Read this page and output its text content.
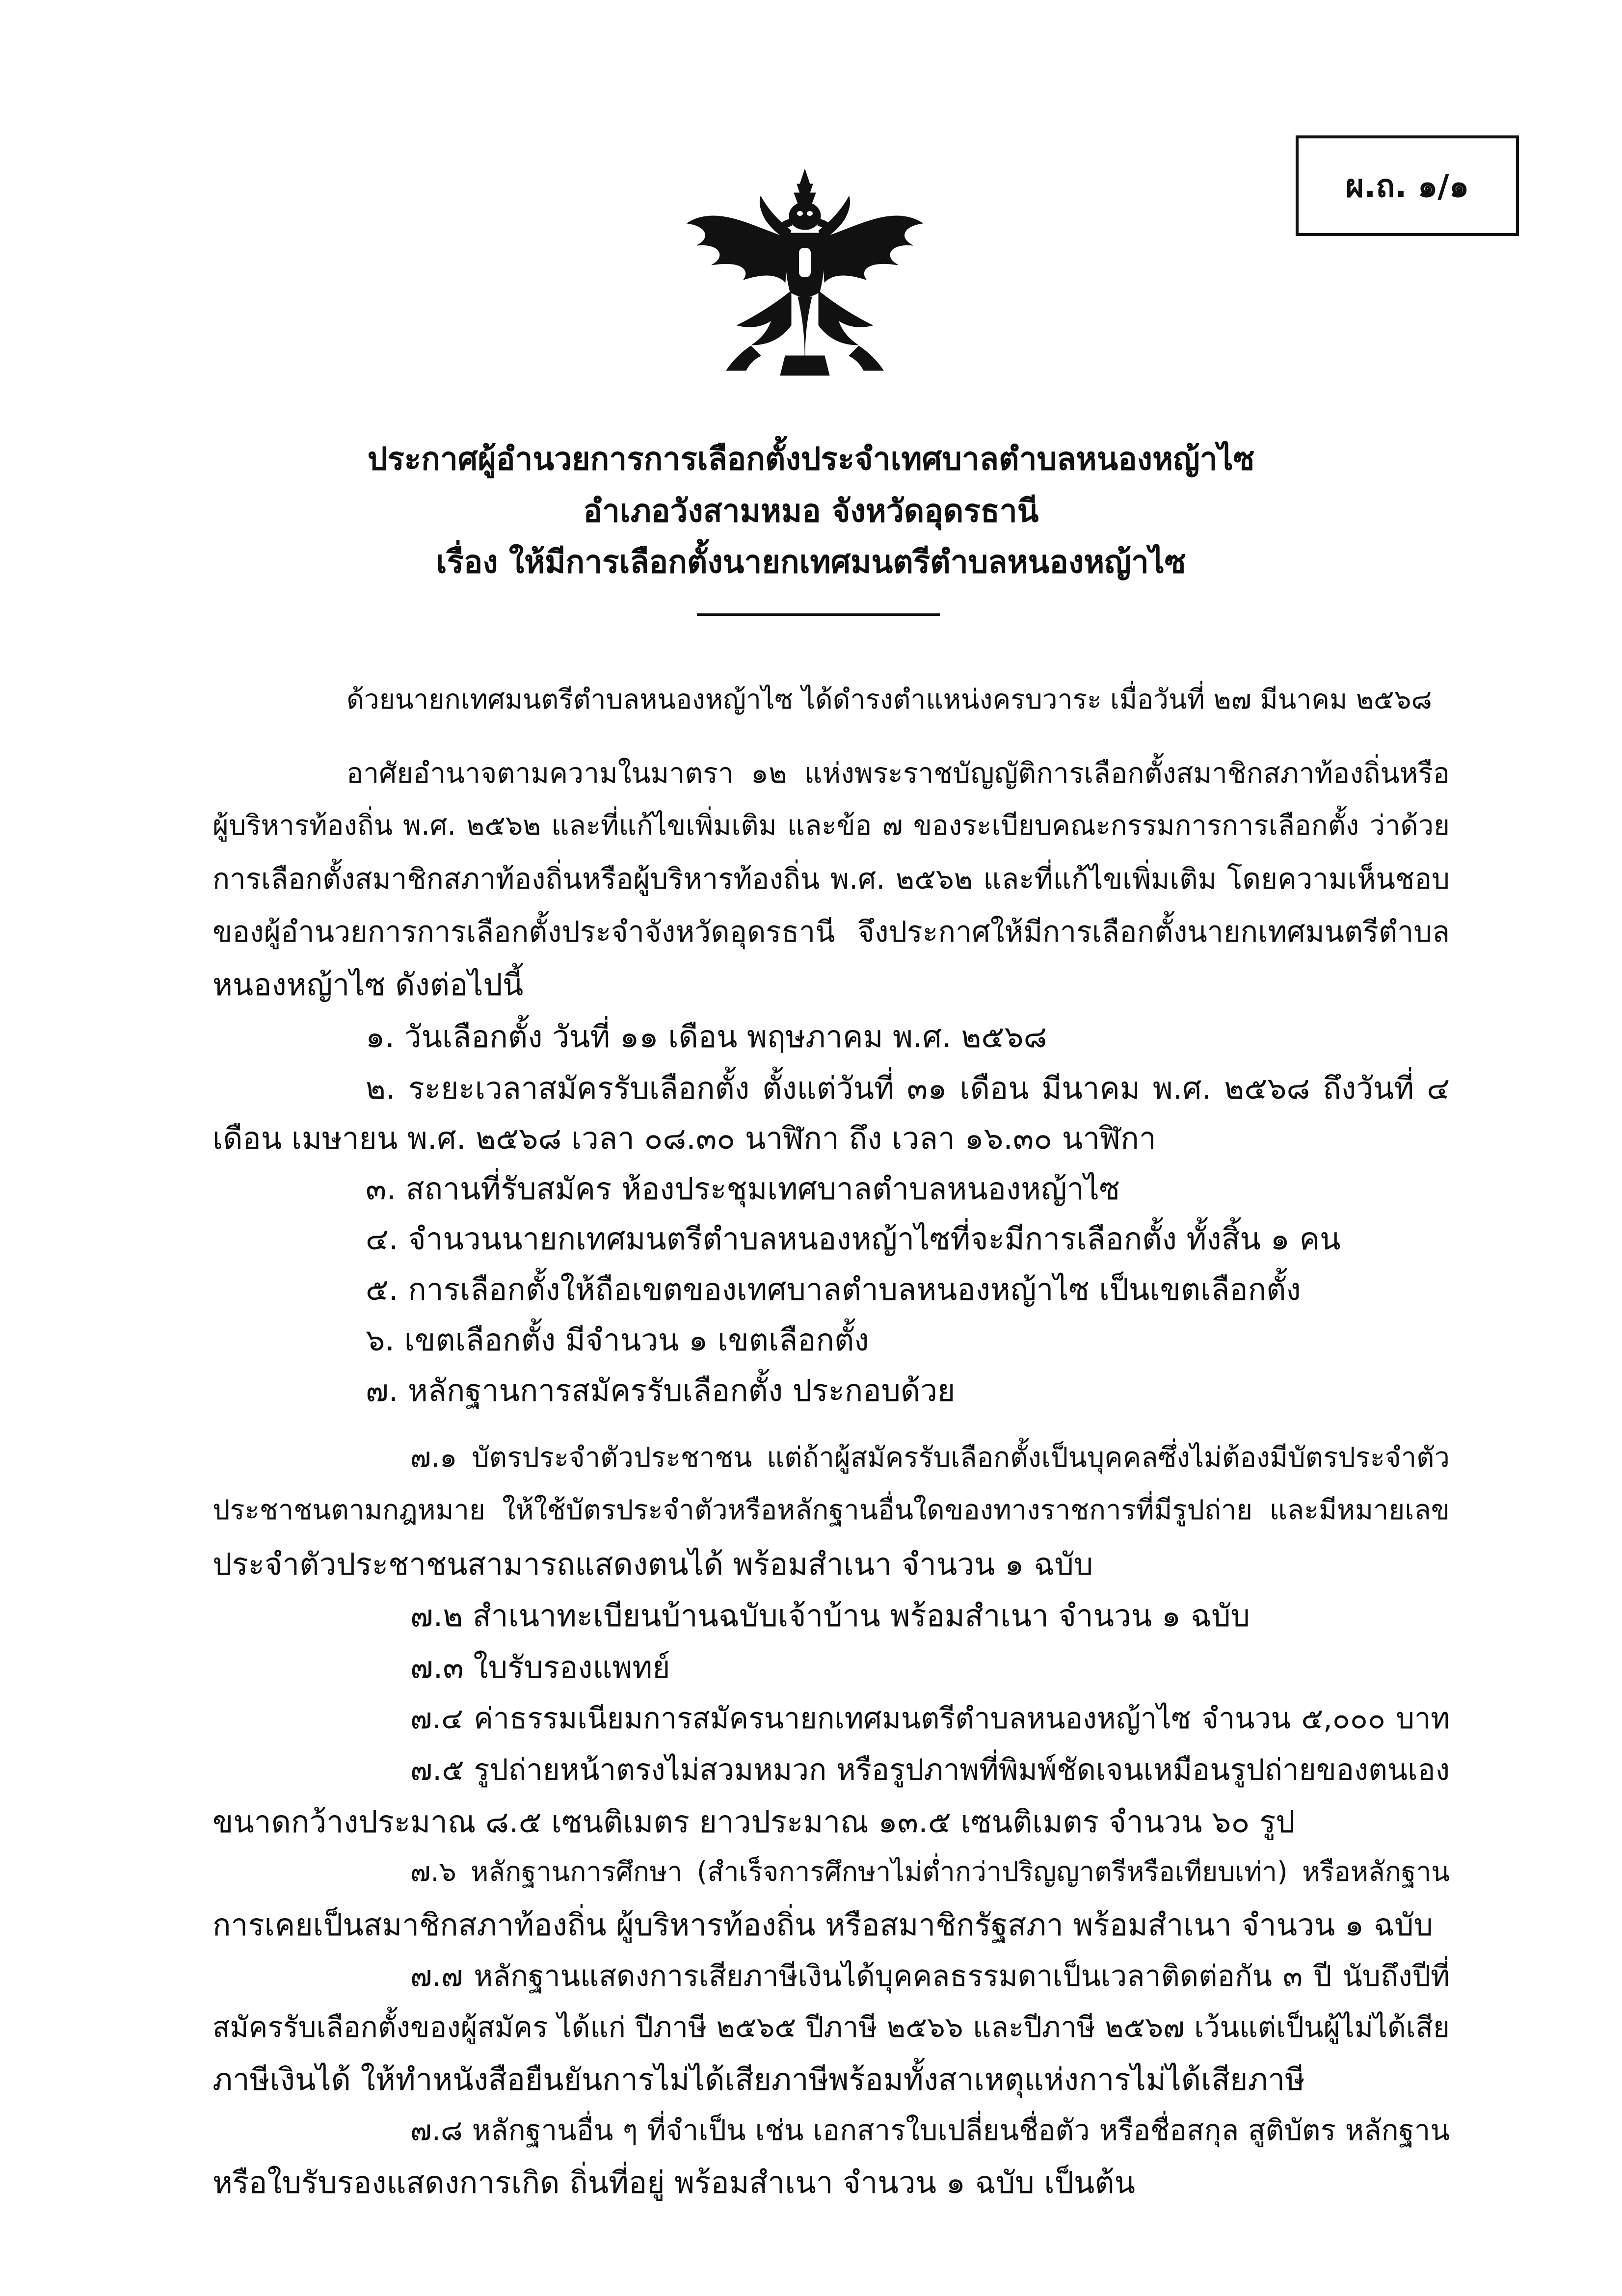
ผ.ถ. ๑/๑
ประกาศผู้อำนวยการการเลือกตั้งประจำเทศบาลตำบลหนองหญ้าไซ
อำเภอวังสามหมอ จังหวัดอุดรธานี
เรื่อง ให้มีการเลือกตั้งนายกเทศมนตรีตำบลหนองหญ้าไซ
ด้วยนายกเทศมนตรีตำบลหนองหญ้าไซ ได้ดำรงตำแหน่งครบวาระ เมื่อวันที่ ๒๗ มีนาคม ๒๕๖๘
อาศัยอำนาจตามความในมาตรา ๑๒ แห่งพระราชบัญญัติการเลือกตั้งสมาชิกสภาท้องถิ่นหรือ
ผู้บริหารท้องถิ่น พ.ศ. ๒๕๖๒ และที่แก้ไขเพิ่มเติม และข้อ ๗ ของระเบียบคณะกรรมการการเลือกตั้ง ว่าด้วย
การเลือกตั้งสมาชิกสภาท้องถิ่นหรือผู้บริหารท้องถิ่น พ.ศ. ๒๕๖๒ และที่แก้ไขเพิ่มเติม โดยความเห็นชอบ
ของผู้อำนวยการการเลือกตั้งประจำจังหวัดอุดรธานี จึงประกาศให้มีการเลือกตั้งนายกเทศมนตรีตำบล
หนองหญ้าไซ ดังต่อไปนี้
๑. วันเลือกตั้ง วันที่ ๑๑ เดือน พฤษภาคม พ.ศ. ๒๕๖๘
๒. ระยะเวลาสมัครรับเลือกตั้ง ตั้งแต่วันที่ ๓๑ เดือน มีนาคม พ.ศ. ๒๕๖๘ ถึงวันที่ ๔
เดือน เมษายน พ.ศ. ๒๕๖๘ เวลา ๐๘.๓๐ นาฬิกา ถึง เวลา ๑๖.๓๐ นาฬิกา
๓. สถานที่รับสมัคร ห้องประชุมเทศบาลตำบลหนองหญ้าไซ
๔. จำนวนนายกเทศมนตรีตำบลหนองหญ้าไซที่จะมีการเลือกตั้ง ทั้งสิ้น ๑ คน
๕. การเลือกตั้งให้ถือเขตของเทศบาลตำบลหนองหญ้าไซ เป็นเขตเลือกตั้ง
๖. เขตเลือกตั้ง มีจำนวน ๑ เขตเลือกตั้ง
๗. หลักฐานการสมัครรับเลือกตั้ง ประกอบด้วย
๗.๑ บัตรประจำตัวประชาชน แต่ถ้าผู้สมัครรับเลือกตั้งเป็นบุคคลซึ่งไม่ต้องมีบัตรประจำตัว
ประชาชนตามกฎหมาย ให้ใช้บัตรประจำตัวหรือหลักฐานอื่นใดของทางราชการที่มีรูปถ่าย และมีหมายเลข
ประจำตัวประชาชนสามารถแสดงตนได้ พร้อมสำเนา จำนวน ๑ ฉบับ
๗.๒ สำเนาทะเบียนบ้านฉบับเจ้าบ้าน พร้อมสำเนา จำนวน ๑ ฉบับ
๗.๓ ใบรับรองแพทย์
๗.๔ ค่าธรรมเนียมการสมัครนายกเทศมนตรีตำบลหนองหญ้าไซ จำนวน ๕,๐๐๐ บาท
๗.๕ รูปถ่ายหน้าตรงไม่สวมหมวก หรือรูปภาพที่พิมพ์ชัดเจนเหมือนรูปถ่ายของตนเอง
ขนาดกว้างประมาณ ๘.๕ เซนติเมตร ยาวประมาณ ๑๓.๕ เซนติเมตร จำนวน ๖๐ รูป
๗.๖ หลักฐานการศึกษา (สำเร็จการศึกษาไม่ต่ำกว่าปริญญาตรีหรือเทียบเท่า) หรือหลักฐาน
การเคยเป็นสมาชิกสภาท้องถิ่น ผู้บริหารท้องถิ่น หรือสมาชิกรัฐสภา พร้อมสำเนา จำนวน ๑ ฉบับ
๗.๗ หลักฐานแสดงการเสียภาษีเงินได้บุคคลธรรมดาเป็นเวลาติดต่อกัน ๓ ปี นับถึงปีที่
สมัครรับเลือกตั้งของผู้สมัคร ได้แก่ ปีภาษี ๒๕๖๕ ปีภาษี ๒๕๖๖ และปีภาษี ๒๕๖๗ เว้นแต่เป็นผู้ไม่ได้เสีย
ภาษีเงินได้ ให้ทำหนังสือยืนยันการไม่ได้เสียภาษีพร้อมทั้งสาเหตุแห่งการไม่ได้เสียภาษี
๗.๘ หลักฐานอื่น ๆ ที่จำเป็น เช่น เอกสารใบเปลี่ยนชื่อตัว หรือชื่อสกุล สูติบัตร หลักฐาน
หรือใบรับรองแสดงการเกิด ถิ่นที่อยู่ พร้อมสำเนา จำนวน ๑ ฉบับ เป็นต้น
